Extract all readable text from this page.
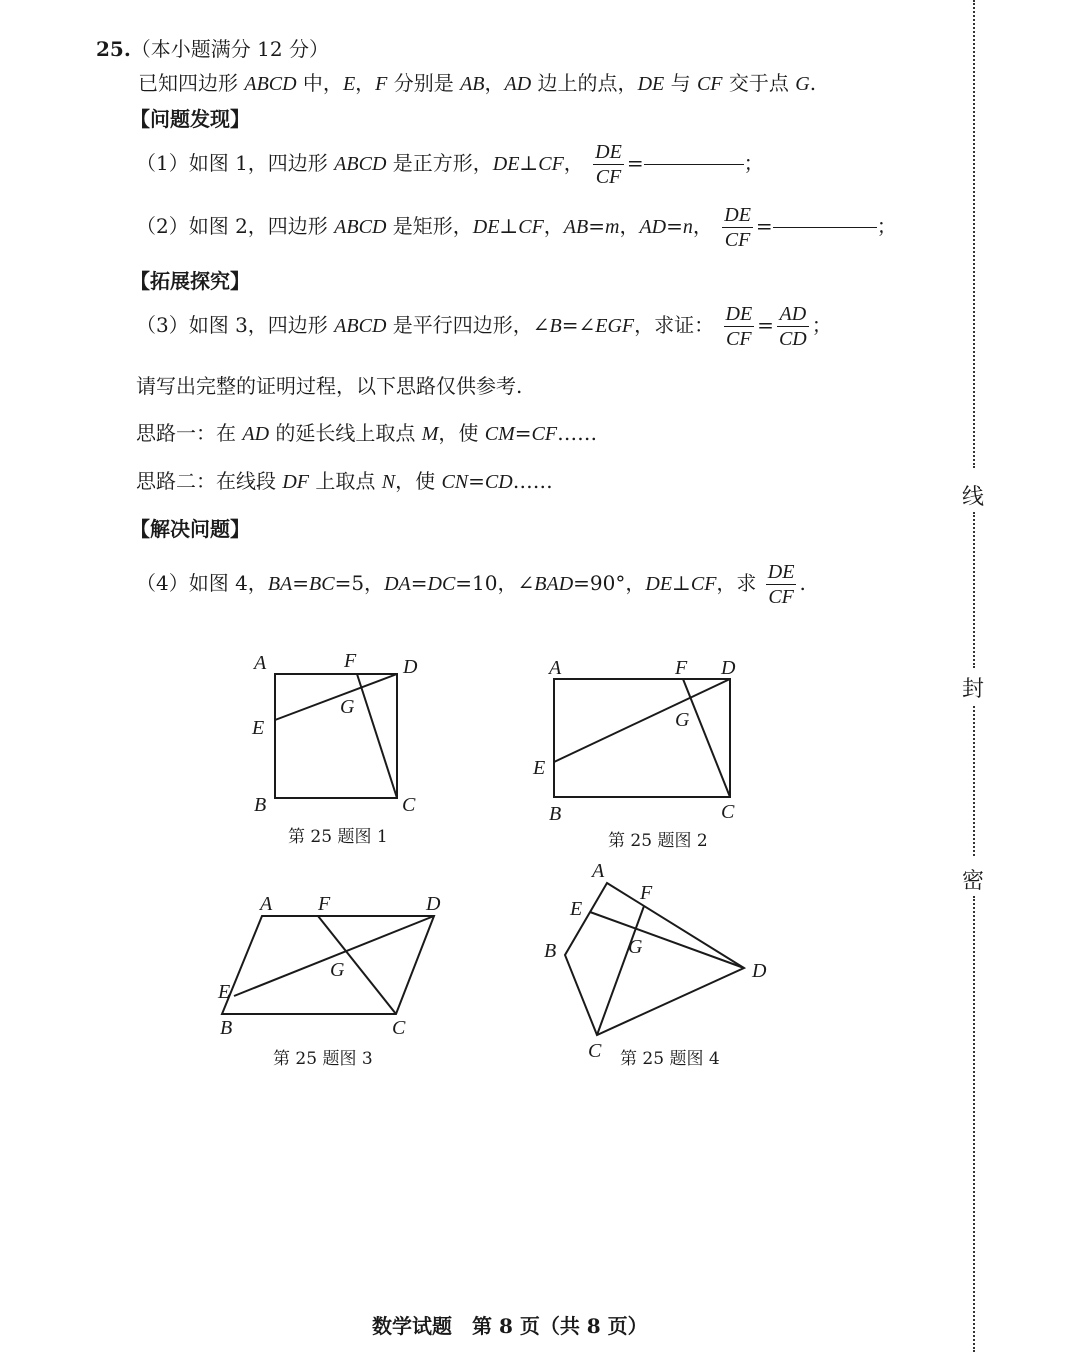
25.（本小题满分 12 分）
已知四边形 ABCD 中，E，F 分别是 AB，AD 边上的点，DE 与 CF 交于点 G.
【问题发现】
（1）如图 1，四边形 ABCD 是正方形，DE⊥CF， $\frac{DE}{CF}$ =	；
（2）如图 2，四边形 ABCD 是矩形，DE⊥CF，AB=m，AD=n， $\frac{DE}{CF}$ =	；
【拓展探究】
（3）如图 3，四边形 ABCD 是平行四边形，∠B=∠EGF，求证： $\frac{DE}{CF} = \frac{AD}{CD}$ ；
请写出完整的证明过程，以下思路仅供参考.
思路一：在 AD 的延长线上取点 M，使 CM=CF……
思路二：在线段 DF 上取点 N，使 CN=CD……
【解决问题】
（4）如图 4，BA=BC=5，DA=DC=10，∠BAD=90°，DE⊥CF，求 $\frac{DE}{CF}$ .
A	F D
E
G
B	C
第 25 题图 1
A	F D
E
G
B	C
第 25 题图 2
A F	D
E
G
B	C
第 25 题图 3
A
F
E
G
B
D
C 第 25 题图 4
数学试题　第 8 页（共 8 页）
线
封
密
